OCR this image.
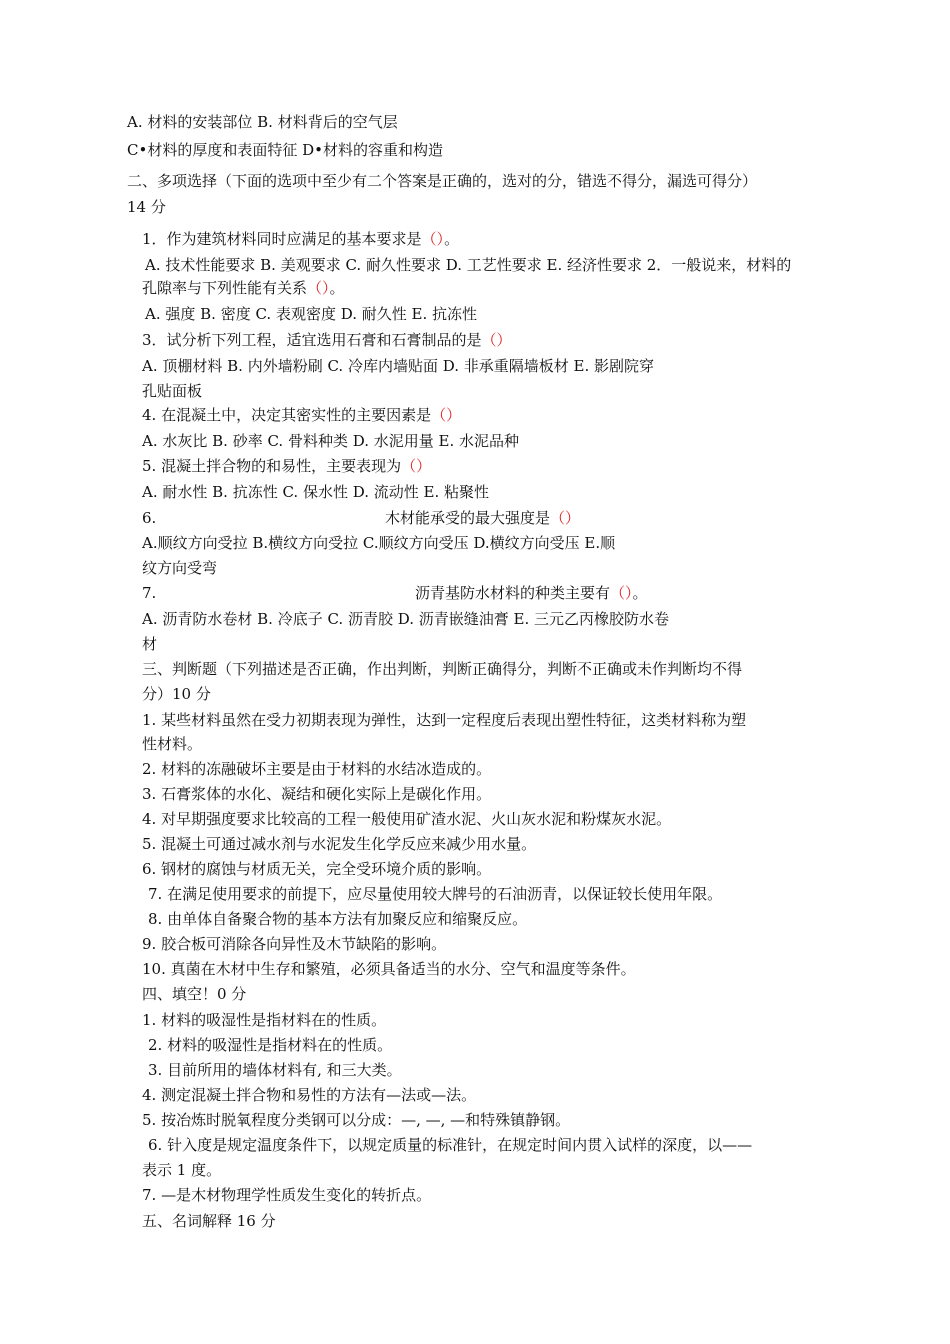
A. 材料的安装部位 B. 材料背后的空气层
C•材料的厚度和表面特征 D•材料的容重和构造
二、多项选择（下面的选项中至少有二个答案是正确的，选对的分，错选不得分，漏选可得分）
14 分
1．作为建筑材料同时应满足的基本要求是（）。
A. 技术性能要求 B. 美观要求 C. 耐久性要求 D. 工艺性要求 E. 经济性要求 2．一般说来，材料的
孔隙率与下列性能有关系（）。
A. 强度 B. 密度 C. 表观密度 D. 耐久性 E. 抗冻性
3．试分析下列工程，适宜选用石膏和石膏制品的是（）
A. 顶棚材料 B. 内外墙粉刷 C. 冷库内墙贴面 D. 非承重隔墙板材 E. 影剧院穿
孔贴面板
4. 在混凝土中，决定其密实性的主要因素是（）
A. 水灰比 B. 砂率 C. 骨料种类 D. 水泥用量 E. 水泥品种
5. 混凝土拌合物的和易性，主要表现为（）
A. 耐水性 B. 抗冻性 C. 保水性 D. 流动性 E. 粘聚性
6.	木材能承受的最大强度是（）
A.顺纹方向受拉 B.横纹方向受拉 C.顺纹方向受压 D.横纹方向受压 E.顺
纹方向受弯
7.	沥青基防水材料的种类主要有（）。
A. 沥青防水卷材 B. 冷底子 C. 沥青胶 D. 沥青嵌缝油膏 E. 三元乙丙橡胶防水卷
材
三、判断题（下列描述是否正确，作出判断，判断正确得分，判断不正确或未作判断均不得
分）10 分
1. 某些材料虽然在受力初期表现为弹性，达到一定程度后表现出塑性特征，这类材料称为塑
性材料。
2. 材料的冻融破坏主要是由于材料的水结冰造成的。
3. 石膏浆体的水化、凝结和硬化实际上是碳化作用。
4. 对早期强度要求比较高的工程一般使用矿渣水泥、火山灰水泥和粉煤灰水泥。
5. 混凝土可通过减水剂与水泥发生化学反应来减少用水量。
6. 钢材的腐蚀与材质无关，完全受环境介质的影响。
7. 在满足使用要求的前提下，应尽量使用较大牌号的石油沥青，以保证较长使用年限。
8. 由单体自备聚合物的基本方法有加聚反应和缩聚反应。
9. 胶合板可消除各向异性及木节缺陷的影响。
10. 真菌在木材中生存和繁殖，必须具备适当的水分、空气和温度等条件。
四、填空！0 分
1. 材料的吸湿性是指材料在的性质。
2. 材料的吸湿性是指材料在的性质。
3. 目前所用的墙体材料有, 和三大类。
4. 测定混凝土拌合物和易性的方法有—法或—法。
5. 按冶炼时脱氧程度分类钢可以分成：—, —, —和特殊镇静钢。
6. 针入度是规定温度条件下，以规定质量的标准针，在规定时间内贯入试样的深度，以——
表示 1 度。
7. —是木材物理学性质发生变化的转折点。
五、名词解释 16 分
